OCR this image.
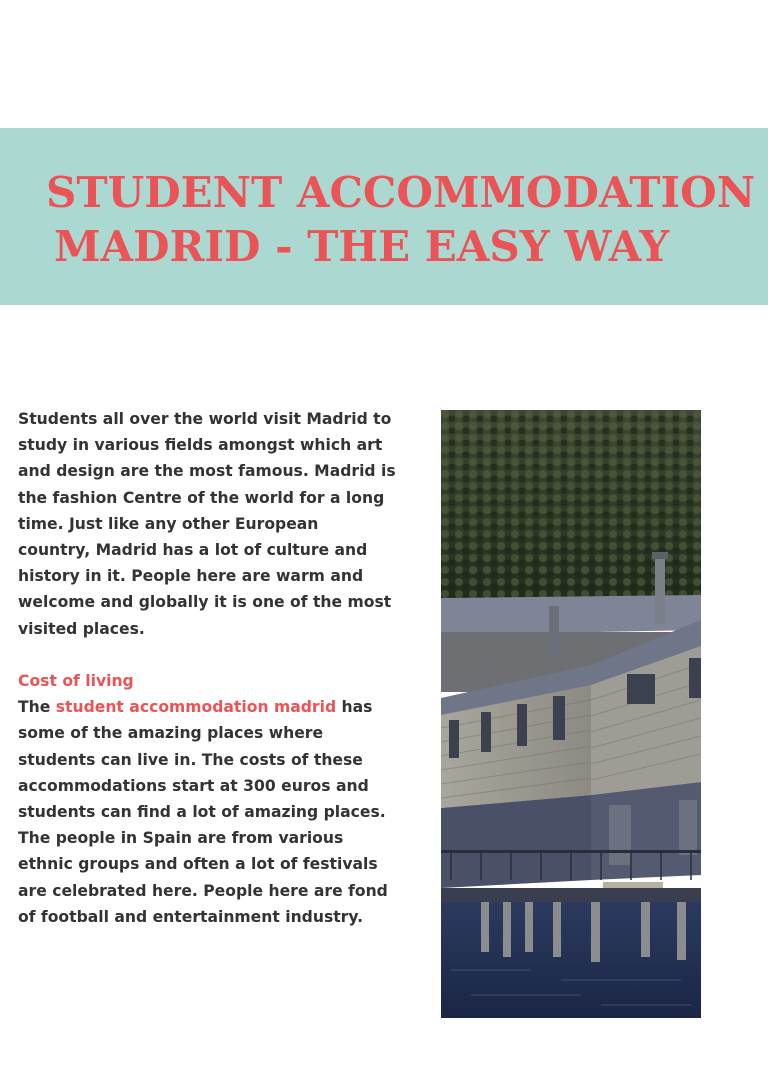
STUDENT ACCOMMODATION
MADRID - THE EASY WAY

Students all over the world visit Madrid to

study in various fields amongst which art

and design are the most famous. Madrid is

the fashion Centre of the world for a long

time. Just like any other European

country, Madrid has a lot of culture and

history in it. People here are warm and

welcome and globally it is one of the most

visited places.

Cost of living

The student accommodation madrid has

some of the amazing places where

students can live in. The costs of these

accommodations start at 300 euros and

students can find a lot of amazing places.

The people in Spain are from various

ethnic groups and often a lot of festivals

are celebrated here. People here are fond

of football and entertainment industry.
